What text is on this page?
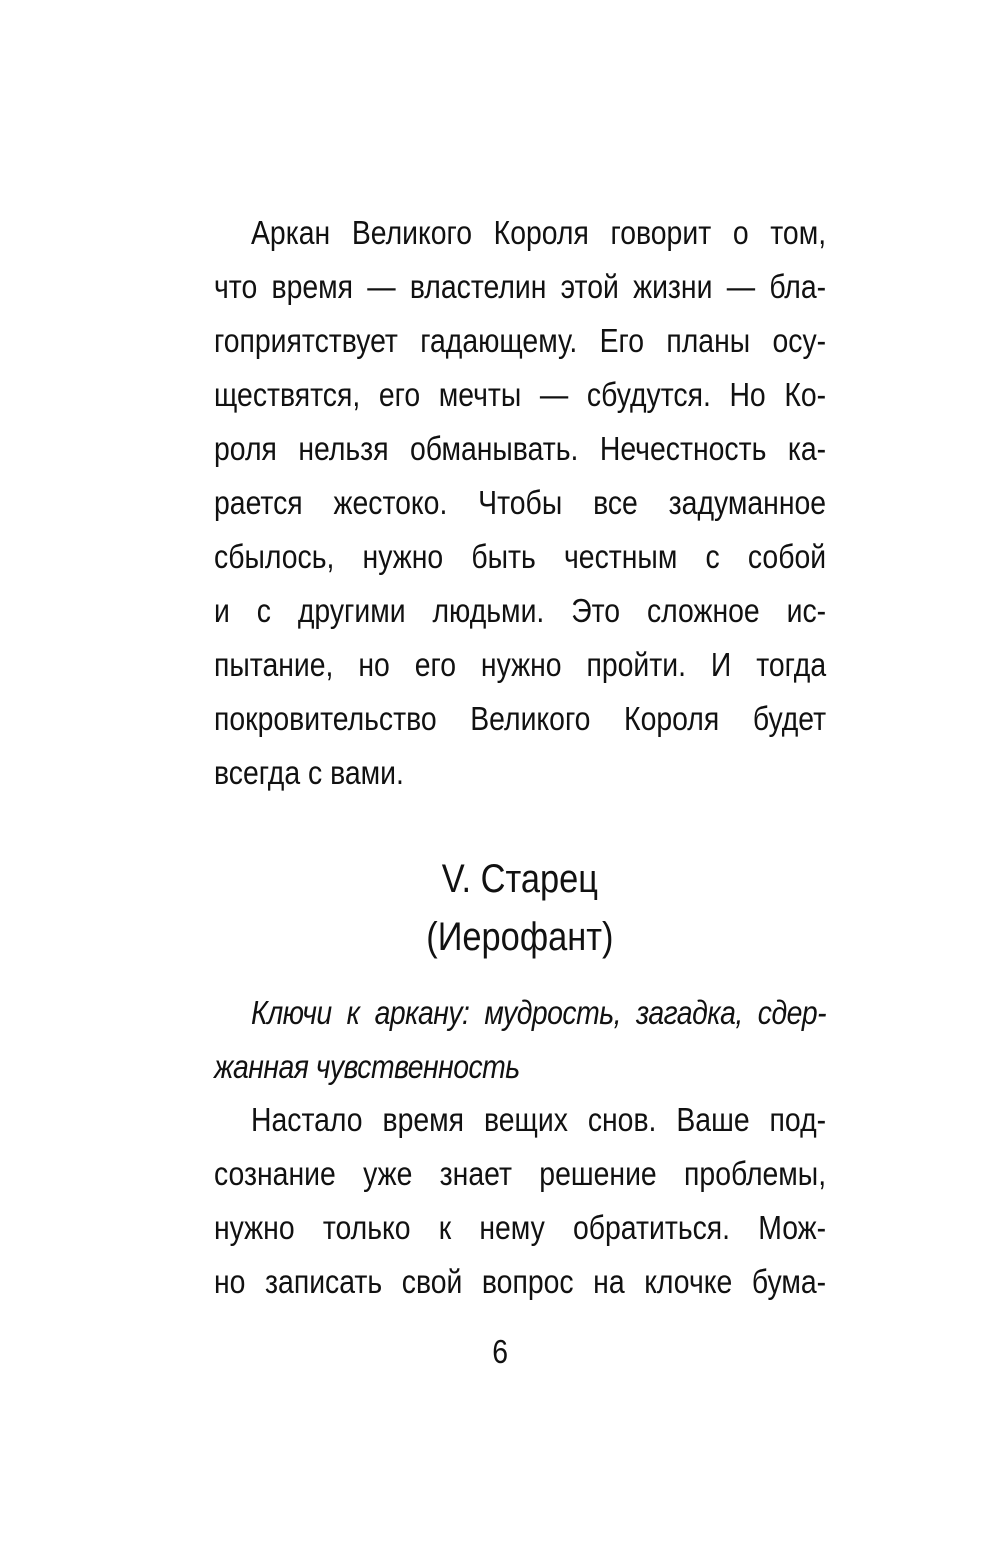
Аркан Великого Короля говорит о том,
что время — властелин этой жизни — бла-
гоприятствует гадающему. Его планы осу-
ществятся, его мечты — сбудутся. Но Ко-
роля нельзя обманывать. Нечестность ка-
рается жестоко. Чтобы все задуманное
сбылось, нужно быть честным с собой
и с другими людьми. Это сложное ис-
пытание, но его нужно пройти. И тогда
покровительство Великого Короля будет
всегда с вами.
V. Старец
(Иерофант)
Ключи к аркану: мудрость, загадка, сдер-
жанная чувственность
Настало время вещих снов. Ваше под-
сознание уже знает решение проблемы,
нужно только к нему обратиться. Мож-
но записать свой вопрос на клочке бума-
6
